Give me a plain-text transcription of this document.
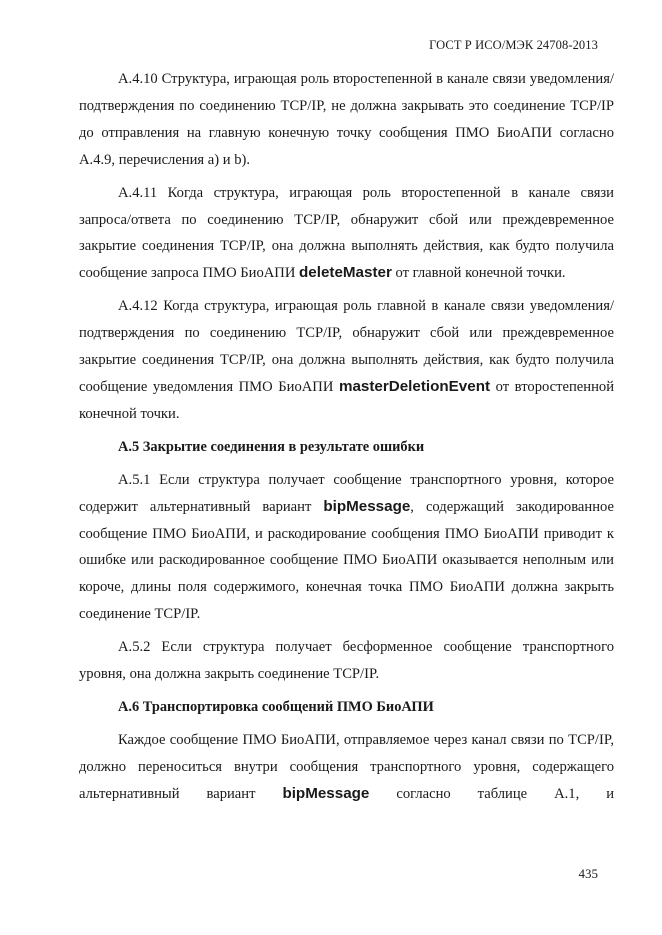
ГОСТ Р ИСО/МЭК 24708-2013

А.4.10 Структура, играющая роль второстепенной в канале связи уведомления/подтверждения по соединению TCP/IP, не должна закрывать это соединение TCP/IP до отправления на главную конечную точку сообщения ПМО БиоАПИ согласно А.4.9, перечисления а) и b).

А.4.11 Когда структура, играющая роль второстепенной в канале связи запроса/ответа по соединению TCP/IP, обнаружит сбой или преждевременное закрытие соединения TCP/IP, она должна выполнять действия, как будто получила сообщение запроса ПМО БиоАПИ deleteMaster от главной конечной точки.

А.4.12 Когда структура, играющая роль главной в канале связи уведомления/подтверждения по соединению TCP/IP, обнаружит сбой или преждевременное закрытие соединения TCP/IP, она должна выполнять действия, как будто получила сообщение уведомления ПМО БиоАПИ masterDeletionEvent от второстепенной конечной точки.

А.5 Закрытие соединения в результате ошибки

А.5.1 Если структура получает сообщение транспортного уровня, которое содержит альтернативный вариант bipMessage, содержащий закодированное сообщение ПМО БиоАПИ, и раскодирование сообщения ПМО БиоАПИ приводит к ошибке или раскодированное сообщение ПМО БиоАПИ оказывается неполным или короче, длины поля содержимого, конечная точка ПМО БиоАПИ должна закрыть соединение TCP/IP.

А.5.2 Если структура получает бесформенное сообщение транспортного уровня, она должна закрыть соединение TCP/IP.

А.6 Транспортировка сообщений ПМО БиоАПИ

Каждое сообщение ПМО БиоАПИ, отправляемое через канал связи по TCP/IP, должно переноситься внутри сообщения транспортного уровня, содержащего альтернативный вариант bipMessage согласно таблице А.1, и

435
